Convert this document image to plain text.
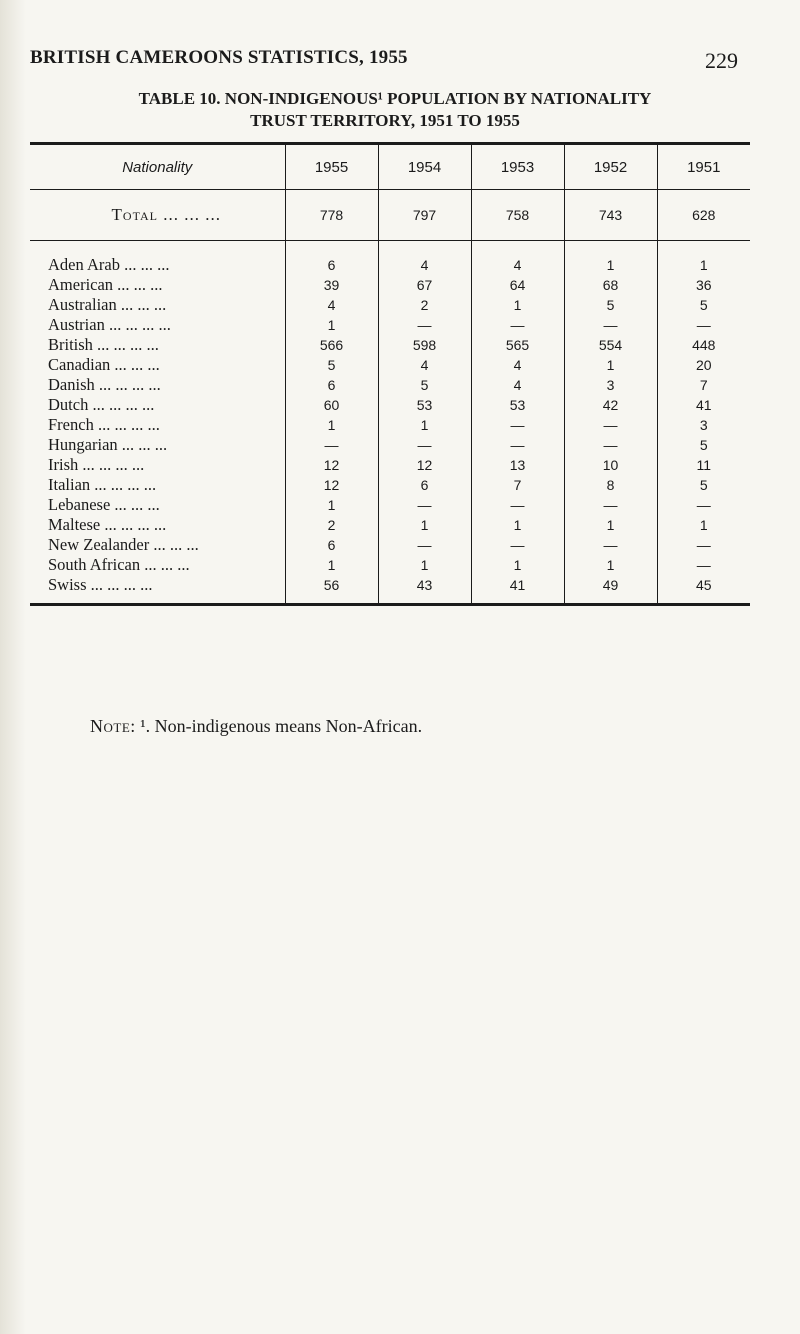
BRITISH CAMEROONS STATISTICS, 1955	229
TABLE 10. NON-INDIGENOUS¹ POPULATION BY NATIONALITY
TRUST TERRITORY, 1951 TO 1955
Nationality	1955	1954	1953	1952	1951
Total ... ... ...	778	797	758	743	628

Aden Arab ... ... ...	6	4	4	1	1
American ... ... ...	39	67	64	68	36
Australian ... ... ...	4	2	1	5	5
Austrian ... ... ... ...	1	—	—	—	—
British ... ... ... ...	566	598	565	554	448
Canadian ... ... ...	5	4	4	1	20
Danish ... ... ... ...	6	5	4	3	7
Dutch ... ... ... ...	60	53	53	42	41
French ... ... ... ...	1	1	—	—	3
Hungarian ... ... ...	—	—	—	—	5
Irish ... ... ... ...	12	12	13	10	11
Italian ... ... ... ...	12	6	7	8	5
Lebanese ... ... ...	1	—	—	—	—
Maltese ... ... ... ...	2	1	1	1	1
New Zealander ... ... ...	6	—	—	—	—
South African ... ... ...	1	1	1	1	—
Swiss ... ... ... ...	56	43	41	49	45
Note: ¹. Non-indigenous means Non-African.
